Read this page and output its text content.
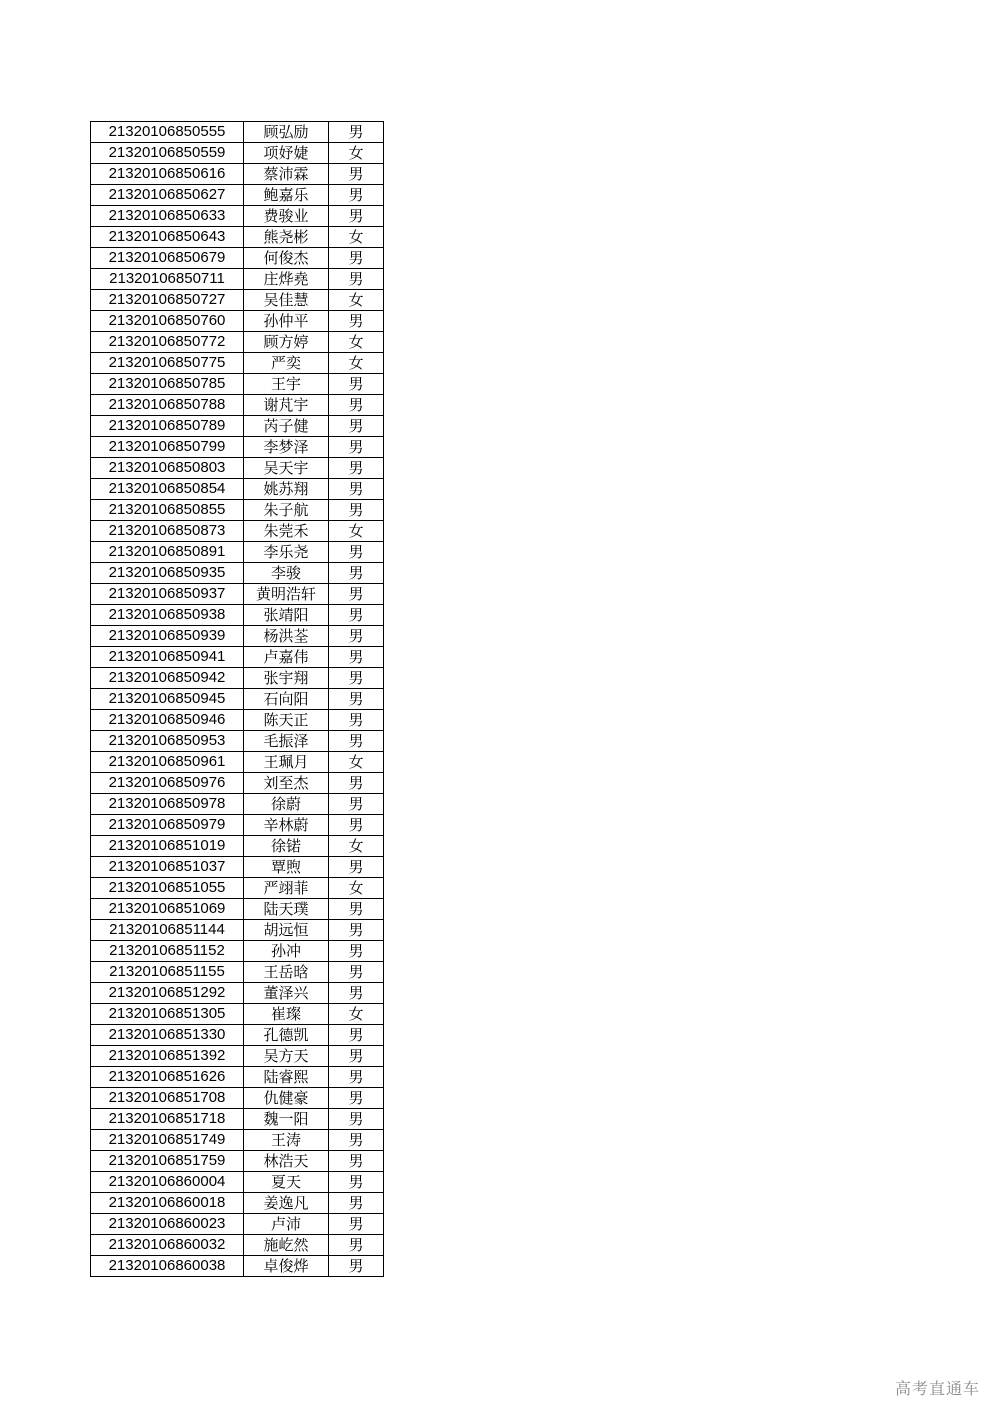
21320106850555	顾弘励	男
21320106850559	项妤婕	女
21320106850616	蔡沛霖	男
21320106850627	鲍嘉乐	男
21320106850633	费骏业	男
21320106850643	熊尧彬	女
21320106850679	何俊杰	男
21320106850711	庄烨堯	男
21320106850727	吴佳慧	女
21320106850760	孙仲平	男
21320106850772	顾方婷	女
21320106850775	严奕	女
21320106850785	王宇	男
21320106850788	谢芃宇	男
21320106850789	芮子健	男
21320106850799	李梦泽	男
21320106850803	吴天宇	男
21320106850854	姚苏翔	男
21320106850855	朱子航	男
21320106850873	朱莞禾	女
21320106850891	李乐尧	男
21320106850935	李骏	男
21320106850937	黄明浩轩	男
21320106850938	张靖阳	男
21320106850939	杨洪荃	男
21320106850941	卢嘉伟	男
21320106850942	张宇翔	男
21320106850945	石向阳	男
21320106850946	陈天正	男
21320106850953	毛振泽	男
21320106850961	王珮月	女
21320106850976	刘至杰	男
21320106850978	徐蔚	男
21320106850979	辛林蔚	男
21320106851019	徐锘	女
21320106851037	覃煦	男
21320106851055	严翊菲	女
21320106851069	陆天璞	男
21320106851144	胡远恒	男
21320106851152	孙冲	男
21320106851155	王岳晗	男
21320106851292	董泽兴	男
21320106851305	崔璨	女
21320106851330	孔德凯	男
21320106851392	吴方天	男
21320106851626	陆睿熙	男
21320106851708	仇健豪	男
21320106851718	魏一阳	男
21320106851749	王涛	男
21320106851759	林浩天	男
21320106860004	夏天	男
21320106860018	姜逸凡	男
21320106860023	卢沛	男
21320106860032	施屹然	男
21320106860038	卓俊烨	男
高考直通车
